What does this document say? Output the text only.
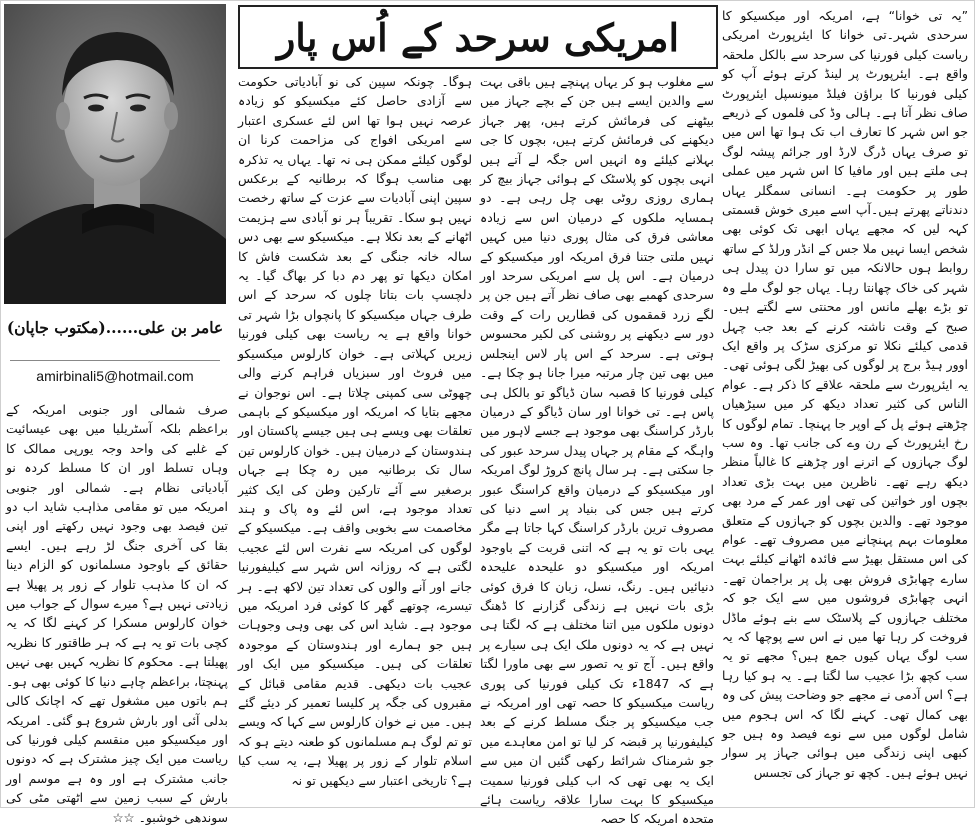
عامر بن علی......(مکتوب جاپان)
amirbinali5@hotmail.com
امریکی سرحد کے اُس پار	”یہ تی خوانا“ ہے، امریکہ اور میکسیکو کا سرحدی شہر۔تی خوانا کا ایئرپورٹ امریکی ریاست کیلی فورنیا کی سرحد سے بالکل ملحقہ واقع ہے۔ ایئرپورٹ پر لینڈ کرتے ہوئے آپ کو کیلی فورنیا کا براؤن فیلڈ میونسپل ایئرپورٹ صاف نظر آتا ہے۔ ہالی وڈ کی فلموں کے ذریعے جو اس شہر کا تعارف اب تک ہوا تھا اس میں تو صرف یہاں ڈرگ لارڈ اور جرائم پیشہ لوگ ہی ملتے ہیں اور مافیا کا اس شہر میں عملی طور پر حکومت ہے۔ انسانی سمگلر یہاں دندناتے پھرتے ہیں۔آپ اسے میری خوش قسمتی کہہ لیں کہ مجھے یہاں ابھی تک کوئی بھی شخص ایسا نہیں ملا جس کے انڈر ورلڈ کے ساتھ روابط ہوں حالانکہ میں تو سارا دن پیدل ہی شہر کی خاک چھانتا رہا۔ یہاں جو لوگ ملے وہ تو بڑے بھلے مانس اور محنتی سے لگتے ہیں۔ صبح کے وقت ناشتہ کرنے کے بعد جب چہل قدمی کیلئے نکلا تو مرکزی سڑک پر واقع ایک اوور ہیڈ برج پر لوگوں کی بھیڑ لگی ہوئی تھی۔ یہ ایئرپورٹ سے ملحقہ علاقے کا ذکر ہے۔ عوام الناس کی کثیر تعداد دیکھ کر میں سیڑھیاں چڑھتے ہوئے پل کے اوپر جا پہنچا۔ تمام لوگوں کا رخ ایئرپورٹ کے رن وے کی جانب تھا۔ وہ سب لوگ جہازوں کے اترنے اور چڑھنے کا غالباً منظر دیکھ رہے تھے۔ ناظرین میں بہت بڑی تعداد بچوں اور خواتین کی تھی اور عمر کے مرد بھی موجود تھے۔ والدین بچوں کو جہازوں کے متعلق معلومات بہم پہنچانے میں مصروف تھے۔ عوام کی اس مستقل بھیڑ سے فائدہ اٹھانے کیلئے بہت سارے چھابڑی فروش بھی پل پر براجمان تھے۔ انہی چھابڑی فروشوں میں سے ایک جو کہ مختلف جہازوں کے پلاسٹک سے بنے ہوئے ماڈل فروخت کر رہا تھا میں نے اس سے پوچھا کہ یہ سب لوگ یہاں کیوں جمع ہیں؟ مجھے تو یہ سب کچھ بڑا عجیب سا لگتا ہے۔ یہ ہو کیا رہا ہے؟ اس آدمی نے مجھے جو وضاحت پیش کی وہ بھی کمال تھی۔ کہنے لگا کہ اس ہجوم میں شامل لوگوں میں سے نوے فیصد وہ ہیں جو کبھی اپنی زندگی میں ہوائی جہاز پر سوار نہیں ہوئے ہیں۔ کچھ تو جہاز کی تجسس

سے مغلوب ہو کر یہاں پہنچے ہیں باقی بہت سے والدین ایسے ہیں جن کے بچے جہاز میں بیٹھنے کی فرمائش کرتے ہیں، پھر جہاز دیکھنے کی فرمائش کرتے ہیں، بچوں کا جی بہلانے کیلئے وہ انہیں اس جگہ لے آتے ہیں انہی بچوں کو پلاسٹک کے ہوائی جہاز بیچ کر ہماری روزی روٹی بھی چل رہی ہے۔ دو ہمسایہ ملکوں کے درمیان اس سے زیادہ معاشی فرق کی مثال پوری دنیا میں کہیں نہیں ملتی جتنا فرق امریکہ اور میکسیکو کے درمیان ہے۔ اس پل سے امریکی سرحد اور سرحدی کھمبے بھی صاف نظر آتے ہیں جن پر لگے زرد قمقموں کی قطاریں رات کے وقت دور سے دیکھنے پر روشنی کی لکیر محسوس ہوتی ہے۔ سرحد کے اس پار لاس اینجلس میں بھی تین چار مرتبہ میرا جانا ہو چکا ہے۔ کیلی فورنیا کا قصبہ سان ڈیاگو تو بالکل ہی پاس ہے۔ تی خوانا اور سان ڈیاگو کے درمیان بارڈر کراسنگ بھی موجود ہے جسے لاہور میں واہگہ کے مقام پر جہاں پیدل سرحد عبور کی جا سکتی ہے۔ ہر سال پانچ کروڑ لوگ امریکہ اور میکسیکو کے درمیان واقع کراسنگ عبور کرتے ہیں جس کی بنیاد پر اسے دنیا کی مصروف ترین بارڈر کراسنگ کہا جاتا ہے مگر یہی بات تو یہ ہے کہ اتنی قربت کے باوجود امریکہ اور میکسیکو دو علیحدہ علیحدہ دنیائیں ہیں۔ رنگ، نسل، زبان کا فرق کوئی بڑی بات نہیں ہے زندگی گزارنے کا ڈھنگ دونوں ملکوں میں اتنا مختلف ہے کہ لگتا ہی نہیں ہے کہ یہ دونوں ملک ایک ہی سیارے پر واقع ہیں۔ آج تو یہ تصور سے بھی ماورا لگتا ہے کہ 1847ء تک کیلی فورنیا کی پوری ریاست میکسیکو کا حصہ تھی اور امریکہ نے جب میکسیکو پر جنگ مسلط کرنے کے بعد کیلیفورنیا پر قبضہ کر لیا تو امن معاہدے میں جو شرمناک شرائط رکھی گئیں ان میں سے ایک یہ بھی تھی کہ اب کیلی فورنیا سمیت میکسیکو کا بہت سارا علاقہ ریاست ہائے متحدہ امریکہ کا حصہ

ہوگا۔ چونکہ سپین کی نو آبادیاتی حکومت سے آزادی حاصل کئے میکسیکو کو زیادہ عرصہ نہیں ہوا تھا اس لئے عسکری اعتبار سے امریکی افواج کی مزاحمت کرنا ان لوگوں کیلئے ممکن ہی نہ تھا۔ یہاں یہ تذکرہ بھی مناسب ہوگا کہ برطانیہ کے برعکس سپین اپنی آبادیات سے عزت کے ساتھ رخصت نہیں ہو سکا۔ تقریباً ہر نو آبادی سے ہزیمت اٹھانے کے بعد نکلا ہے۔ میکسیکو سے بھی دس سالہ خانہ جنگی کے بعد شکست فاش کا امکان دیکھا تو پھر دم دبا کر بھاگ گیا۔ یہ دلچسپ بات بتاتا چلوں کہ سرحد کے اس طرف جہاں میکسیکو کا پانچواں بڑا شہر تی خوانا واقع ہے یہ ریاست بھی کیلی فورنیا زیریں کہلاتی ہے۔ خوان کارلوس میکسیکو میں فروٹ اور سبزیاں فراہم کرنے والی چھوٹی سی کمپنی چلاتا ہے۔ اس نوجوان نے مجھے بتایا کہ امریکہ اور میکسیکو کے باہمی تعلقات بھی ویسے ہی ہیں جیسے پاکستان اور ہندوستان کے درمیان ہیں۔ خوان کارلوس تین سال تک برطانیہ میں رہ چکا ہے جہاں برصغیر سے آئے تارکین وطن کی ایک کثیر تعداد موجود ہے، اس لئے وہ پاک و ہند مخاصمت سے بخوبی واقف ہے۔ میکسیکو کے لوگوں کی امریکہ سے نفرت اس لئے عجیب لگتی ہے کہ روزانہ اس شہر سے کیلیفورنیا جانے اور آنے والوں کی تعداد تین لاکھ ہے۔ ہر تیسرے، چوتھے گھر کا کوئی فرد امریکہ میں موجود ہے۔ شاید اس کی بھی وہی وجوہات ہیں جو ہمارے اور ہندوستان کے موجودہ تعلقات کی ہیں۔ میکسیکو میں ایک اور عجیب بات دیکھی۔ قدیم مقامی قبائل کے مقبروں کی جگہ پر کلیسا تعمیر کر دیئے گئے ہیں۔ میں نے خوان کارلوس سے کہا کہ ویسے تو تم لوگ ہم مسلمانوں کو طعنہ دیتے ہو کہ اسلام تلوار کے زور پر پھیلا ہے، یہ سب کیا ہے؟ تاریخی اعتبار سے دیکھیں تو نہ

صرف شمالی اور جنوبی امریکہ کے براعظم بلکہ آسٹریلیا میں بھی عیسائیت کے غلبے کی واحد وجہ یورپی ممالک کا وہاں تسلط اور ان کا مسلط کردہ نو آبادیاتی نظام ہے۔ شمالی اور جنوبی امریکہ میں تو مقامی مذاہب شاید اب دو تین فیصد بھی وجود نہیں رکھتے اور اپنی بقا کی آخری جنگ لڑ رہے ہیں۔ ایسے حقائق کے باوجود مسلمانوں کو الزام دینا کہ ان کا مذہب تلوار کے زور پر پھیلا ہے زیادتی نہیں ہے؟ میرے سوال کے جواب میں خوان کارلوس مسکرا کر کہنے لگا کہ یہ کچی بات تو یہ ہے کہ ہر طاقتور کا نظریہ پھیلتا ہے۔ محکوم کا نظریہ کہیں بھی نہیں پہنچتا، براعظم چاہے دنیا کا کوئی بھی ہو۔ ہم باتوں میں مشغول تھے کہ اچانک کالی بدلی آئی اور بارش شروع ہو گئی۔ امریکہ اور میکسیکو میں منقسم کیلی فورنیا کی ریاست میں ایک چیز مشترک ہے کہ دونوں جانب مشترک ہے اور وہ ہے موسم اور بارش کے سبب زمین سے اٹھتی مٹی کی سوندھی خوشبو۔ ☆☆
